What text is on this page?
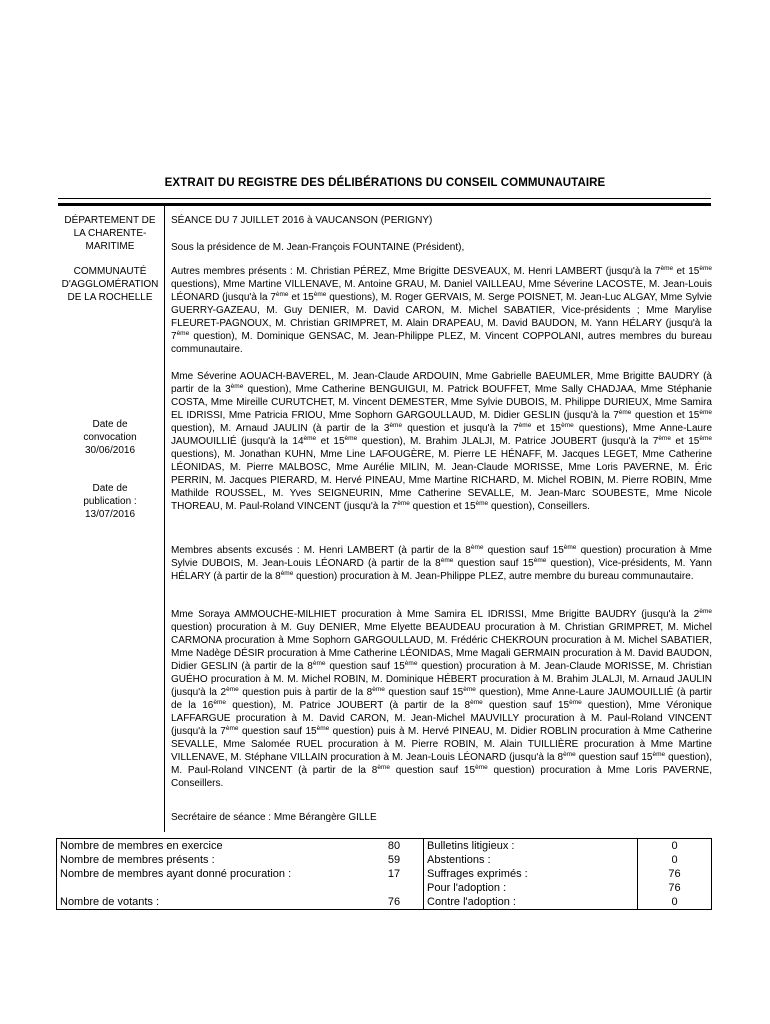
EXTRAIT DU REGISTRE DES DÉLIBÉRATIONS DU CONSEIL COMMUNAUTAIRE
DÉPARTEMENT DE
LA CHARENTE-
MARITIME
COMMUNAUTÉ
D'AGGLOMÉRATION
DE LA ROCHELLE
Date de
convocation
30/06/2016
Date de
publication :
13/07/2016
SÉANCE DU 7 JUILLET 2016 à VAUCANSON (PERIGNY)
Sous la présidence de M. Jean-François FOUNTAINE (Président),
Autres membres présents : M. Christian PÉREZ, Mme Brigitte DESVEAUX, M. Henri LAMBERT (jusqu'à la 7ème et 15ème questions), Mme Martine VILLENAVE, M. Antoine GRAU, M. Daniel VAILLEAU, Mme Séverine LACOSTE, M. Jean-Louis LÉONARD (jusqu'à la 7ème et 15ème questions), M. Roger GERVAIS, M. Serge POISNET, M. Jean-Luc ALGAY, Mme Sylvie GUERRY-GAZEAU, M. Guy DENIER, M. David CARON, M. Michel SABATIER, Vice-présidents ; Mme Marylise FLEURET-PAGNOUX, M. Christian GRIMPRET, M. Alain DRAPEAU, M. David BAUDON, M. Yann HÉLARY (jusqu'à la 7ème question), M. Dominique GENSAC, M. Jean-Philippe PLEZ, M. Vincent COPPOLANI, autres membres du bureau communautaire.
Mme Séverine AOUACH-BAVEREL, M. Jean-Claude ARDOUIN, Mme Gabrielle BAEUMLER, Mme Brigitte BAUDRY (à partir de la 3ème question), Mme Catherine BENGUIGUI, M. Patrick BOUFFET, Mme Sally CHADJAA, Mme Stéphanie COSTA, Mme Mireille CURUTCHET, M. Vincent DEMESTER, Mme Sylvie DUBOIS, M. Philippe DURIEUX, Mme Samira EL IDRISSI, Mme Patricia FRIOU, Mme Sophorn GARGOULLAUD, M. Didier GESLIN (jusqu'à la 7ème question et 15ème question), M. Arnaud JAULIN (à partir de la 3ème question et jusqu'à la 7ème et 15ème questions), Mme Anne-Laure JAUMOUILLIÉ (jusqu'à la 14ème et 15ème question), M. Brahim JLALJI, M. Patrice JOUBERT (jusqu'à la 7ème et 15ème questions), M. Jonathan KUHN, Mme Line LAFOUGÈRE, M. Pierre LE HÉNAFF, M. Jacques LEGET, Mme Catherine LÉONIDAS, M. Pierre MALBOSC, Mme Aurélie MILIN, M. Jean-Claude MORISSE, Mme Loris PAVERNE, M. Éric PERRIN, M. Jacques PIERARD, M. Hervé PINEAU, Mme Martine RICHARD, M. Michel ROBIN, M. Pierre ROBIN, Mme Mathilde ROUSSEL, M. Yves SEIGNEURIN, Mme Catherine SEVALLE, M. Jean-Marc SOUBESTE, Mme Nicole THOREAU, M. Paul-Roland VINCENT (jusqu'à la 7ème question et 15ème question), Conseillers.
Membres absents excusés : M. Henri LAMBERT (à partir de la 8ème question sauf 15ème question) procuration à Mme Sylvie DUBOIS, M. Jean-Louis LÉONARD (à partir de la 8ème question sauf 15ème question), Vice-présidents, M. Yann HÉLARY (à partir de la 8ème question) procuration à M. Jean-Philippe PLEZ, autre membre du bureau communautaire.
Mme Soraya AMMOUCHE-MILHIET procuration à Mme Samira EL IDRISSI, Mme Brigitte BAUDRY (jusqu'à la 2ème question) procuration à M. Guy DENIER, Mme Elyette BEAUDEAU procuration à M. Christian GRIMPRET, M. Michel CARMONA procuration à Mme Sophorn GARGOULLAUD, M. Frédéric CHEKROUN procuration à M. Michel SABATIER, Mme Nadège DÉSIR procuration à Mme Catherine LÉONIDAS, Mme Magali GERMAIN procuration à M. David BAUDON, Didier GESLIN (à partir de la 8ème question sauf 15ème question) procuration à M. Jean-Claude MORISSE, M. Christian GUÉHO procuration à M. M. Michel ROBIN, M. Dominique HÉBERT procuration à M. Brahim JLALJI, M. Arnaud JAULIN (jusqu'à la 2ème question puis à partir de la 8ème question sauf 15ème question), Mme Anne-Laure JAUMOUILLIÉ (à partir de la 16ème question), M. Patrice JOUBERT (à partir de la 8ème question sauf 15ème question), Mme Véronique LAFFARGUE procuration à M. David CARON, M. Jean-Michel MAUVILLY procuration à M. Paul-Roland VINCENT (jusqu'à la 7ème question sauf 15ème question) puis à M. Hervé PINEAU, M. Didier ROBLIN procuration à Mme Catherine SEVALLE, Mme Salomée RUEL procuration à M. Pierre ROBIN, M. Alain TUILLIÈRE procuration à Mme Martine VILLENAVE, M. Stéphane VILLAIN procuration à M. Jean-Louis LÉONARD (jusqu'à la 8ème question sauf 15ème question), M. Paul-Roland VINCENT (à partir de la 8ème question sauf 15ème question) procuration à Mme Loris PAVERNE, Conseillers.
Secrétaire de séance : Mme Bérangère GILLE
Nombre de membres en exercice	80	Bulletins litigieux :	0
Nombre de membres présents :	59	Abstentions :	0
Nombre de membres ayant donné procuration :	17	Suffrages exprimés :	76
		Pour l'adoption :	76
Nombre de votants :	76	Contre l'adoption :	0
